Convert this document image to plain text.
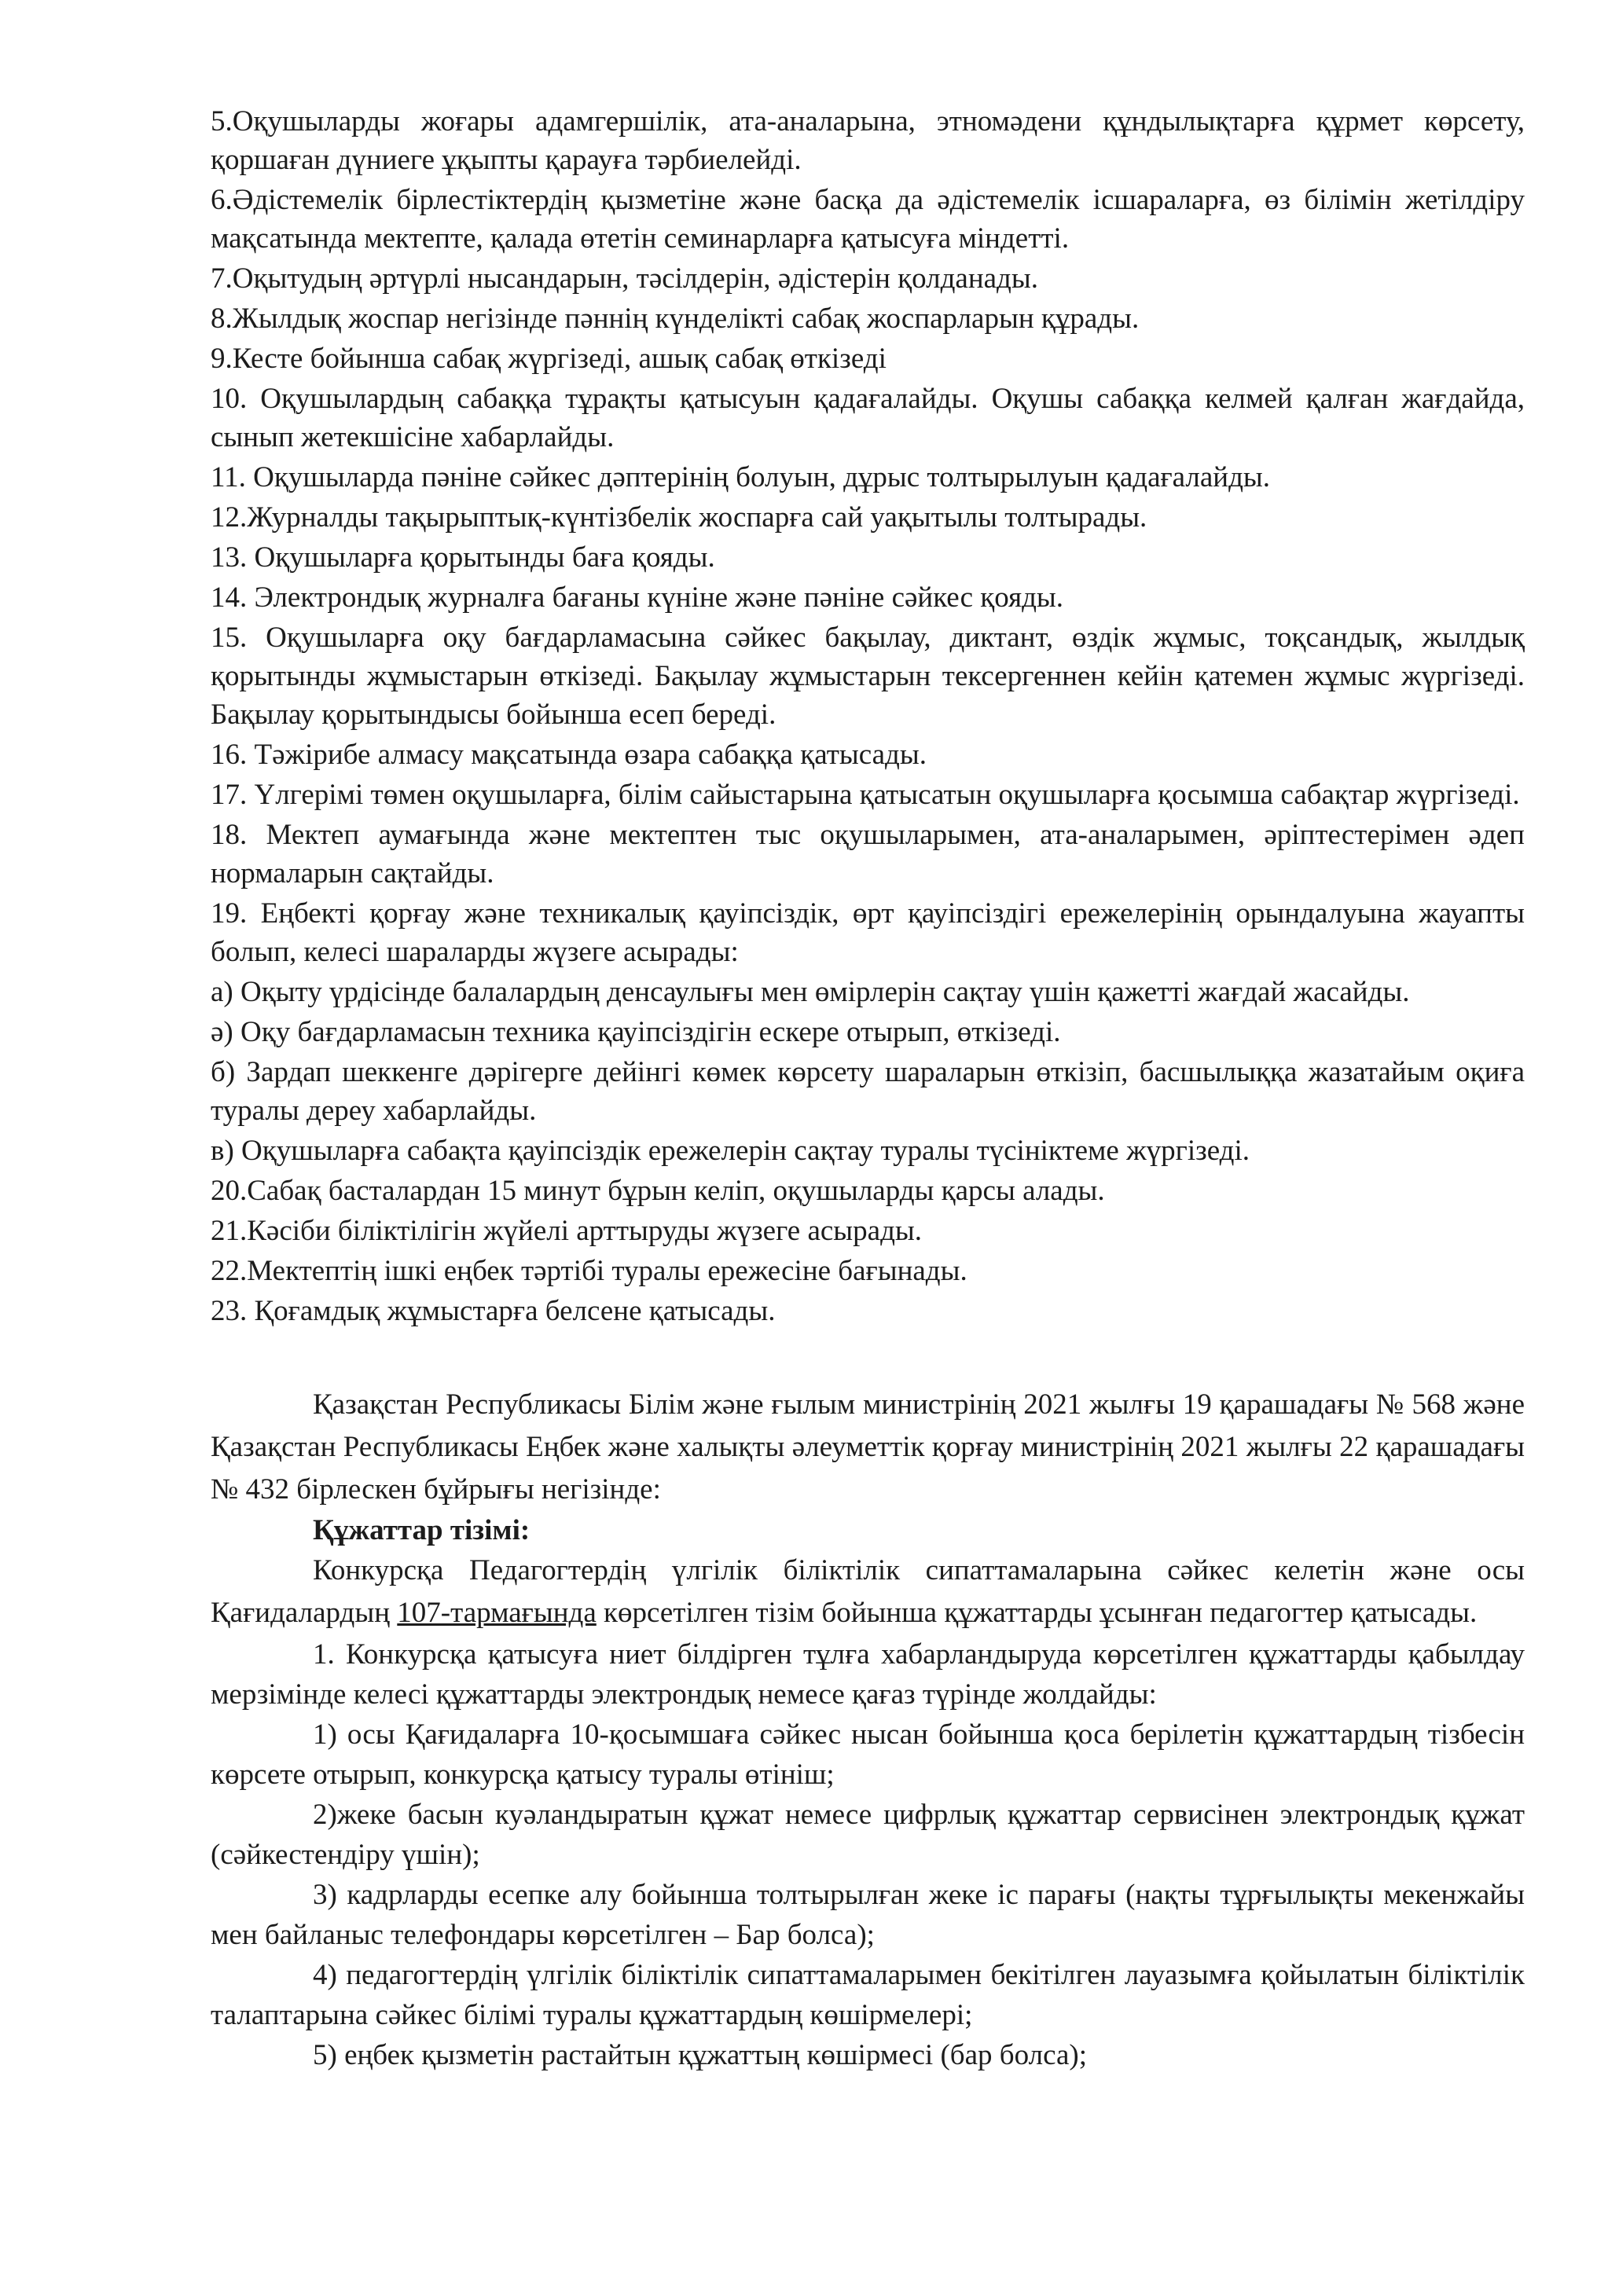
5.Оқушыларды жоғары адамгершілік, ата-аналарына, этномәдени құндылықтарға құрмет көрсету, қоршаған дүниеге ұқыпты қарауға тәрбиелейді.

6.Әдістемелік бірлестіктердің қызметіне және басқа да әдістемелік ісшараларға, өз білімін жетілдіру мақсатында мектепте, қалада өтетін семинарларға қатысуға міндетті.

7.Оқытудың әртүрлі нысандарын, тәсілдерін, әдістерін қолданады.

8.Жылдық жоспар негізінде пәннің күнделікті сабақ жоспарларын құрады.

9.Кесте бойынша сабақ жүргізеді, ашық сабақ өткізеді

10. Оқушылардың сабаққа тұрақты қатысуын қадағалайды. Оқушы сабаққа келмей қалған жағдайда, сынып жетекшісіне хабарлайды.

11. Оқушыларда пәніне сәйкес дәптерінің болуын, дұрыс толтырылуын қадағалайды.

12.Журналды тақырыптық-күнтізбелік жоспарға сай уақытылы толтырады.

13. Оқушыларға қорытынды баға қояды.

14. Электрондық журналға бағаны күніне және пәніне сәйкес қояды.

15. Оқушыларға оқу бағдарламасына сәйкес бақылау, диктант, өздік жұмыс, тоқсандық, жылдық қорытынды жұмыстарын өткізеді. Бақылау жұмыстарын тексергеннен кейін қатемен жұмыс жүргізеді. Бақылау қорытындысы бойынша есеп береді.

16. Тәжірибе алмасу мақсатында өзара сабаққа қатысады.

17. Үлгерімі төмен оқушыларға, білім сайыстарына қатысатын оқушыларға қосымша сабақтар жүргізеді.

18. Мектеп аумағында және мектептен тыс оқушыларымен, ата-аналарымен, әріптестерімен әдеп нормаларын сақтайды.

19. Еңбекті қорғау және техникалық қауіпсіздік, өрт қауіпсіздігі ережелерінің орындалуына жауапты болып, келесі шараларды жүзеге асырады:

а) Оқыту үрдісінде балалардың денсаулығы мен өмірлерін сақтау үшін қажетті жағдай жасайды.

ә) Оқу бағдарламасын техника қауіпсіздігін ескере отырып, өткізеді.

б) Зардап шеккенге дәрігерге дейінгі көмек көрсету шараларын өткізіп, басшылыққа жазатайым оқиға туралы дереу хабарлайды.

в) Оқушыларға сабақта қауіпсіздік ережелерін сақтау туралы түсініктеме жүргізеді.

20.Сабақ басталардан 15 минут бұрын келіп, оқушыларды қарсы алады.

21.Кәсіби біліктілігін жүйелі арттыруды жүзеге асырады.

22.Мектептің ішкі еңбек тәртібі туралы ережесіне бағынады.

23. Қоғамдық жұмыстарға белсене қатысады.

Қазақстан Республикасы Білім және ғылым министрінің 2021 жылғы 19 қарашадағы № 568 және Қазақстан Республикасы Еңбек және халықты әлеуметтік қорғау министрінің 2021 жылғы 22 қарашадағы № 432 бірлескен бұйрығы негізінде:

Құжаттар тізімі:

Конкурсқа Педагогтердің үлгілік біліктілік сипаттамаларына сәйкес келетін және осы Қағидалардың 107-тармағында көрсетілген тізім бойынша құжаттарды ұсынған педагогтер қатысады.

1. Конкурсқа қатысуға ниет білдірген тұлға хабарландыруда көрсетілген құжаттарды қабылдау мерзімінде келесі құжаттарды электрондық немесе қағаз түрінде жолдайды:

1) осы Қағидаларға 10-қосымшаға сәйкес нысан бойынша қоса берілетін құжаттардың тізбесін көрсете отырып, конкурсқа қатысу туралы өтініш;

2)жеке басын куәландыратын құжат немесе цифрлық құжаттар сервисінен электрондық құжат (сәйкестендіру үшін);

3) кадрларды есепке алу бойынша толтырылған жеке іс парағы (нақты тұрғылықты мекенжайы мен байланыс телефондары көрсетілген – Бар болса);

4) педагогтердің үлгілік біліктілік сипаттамаларымен бекітілген лауазымға қойылатын біліктілік талаптарына сәйкес білімі туралы құжаттардың көшірмелері;

5) еңбек қызметін растайтын құжаттың көшірмесі (бар болса);
